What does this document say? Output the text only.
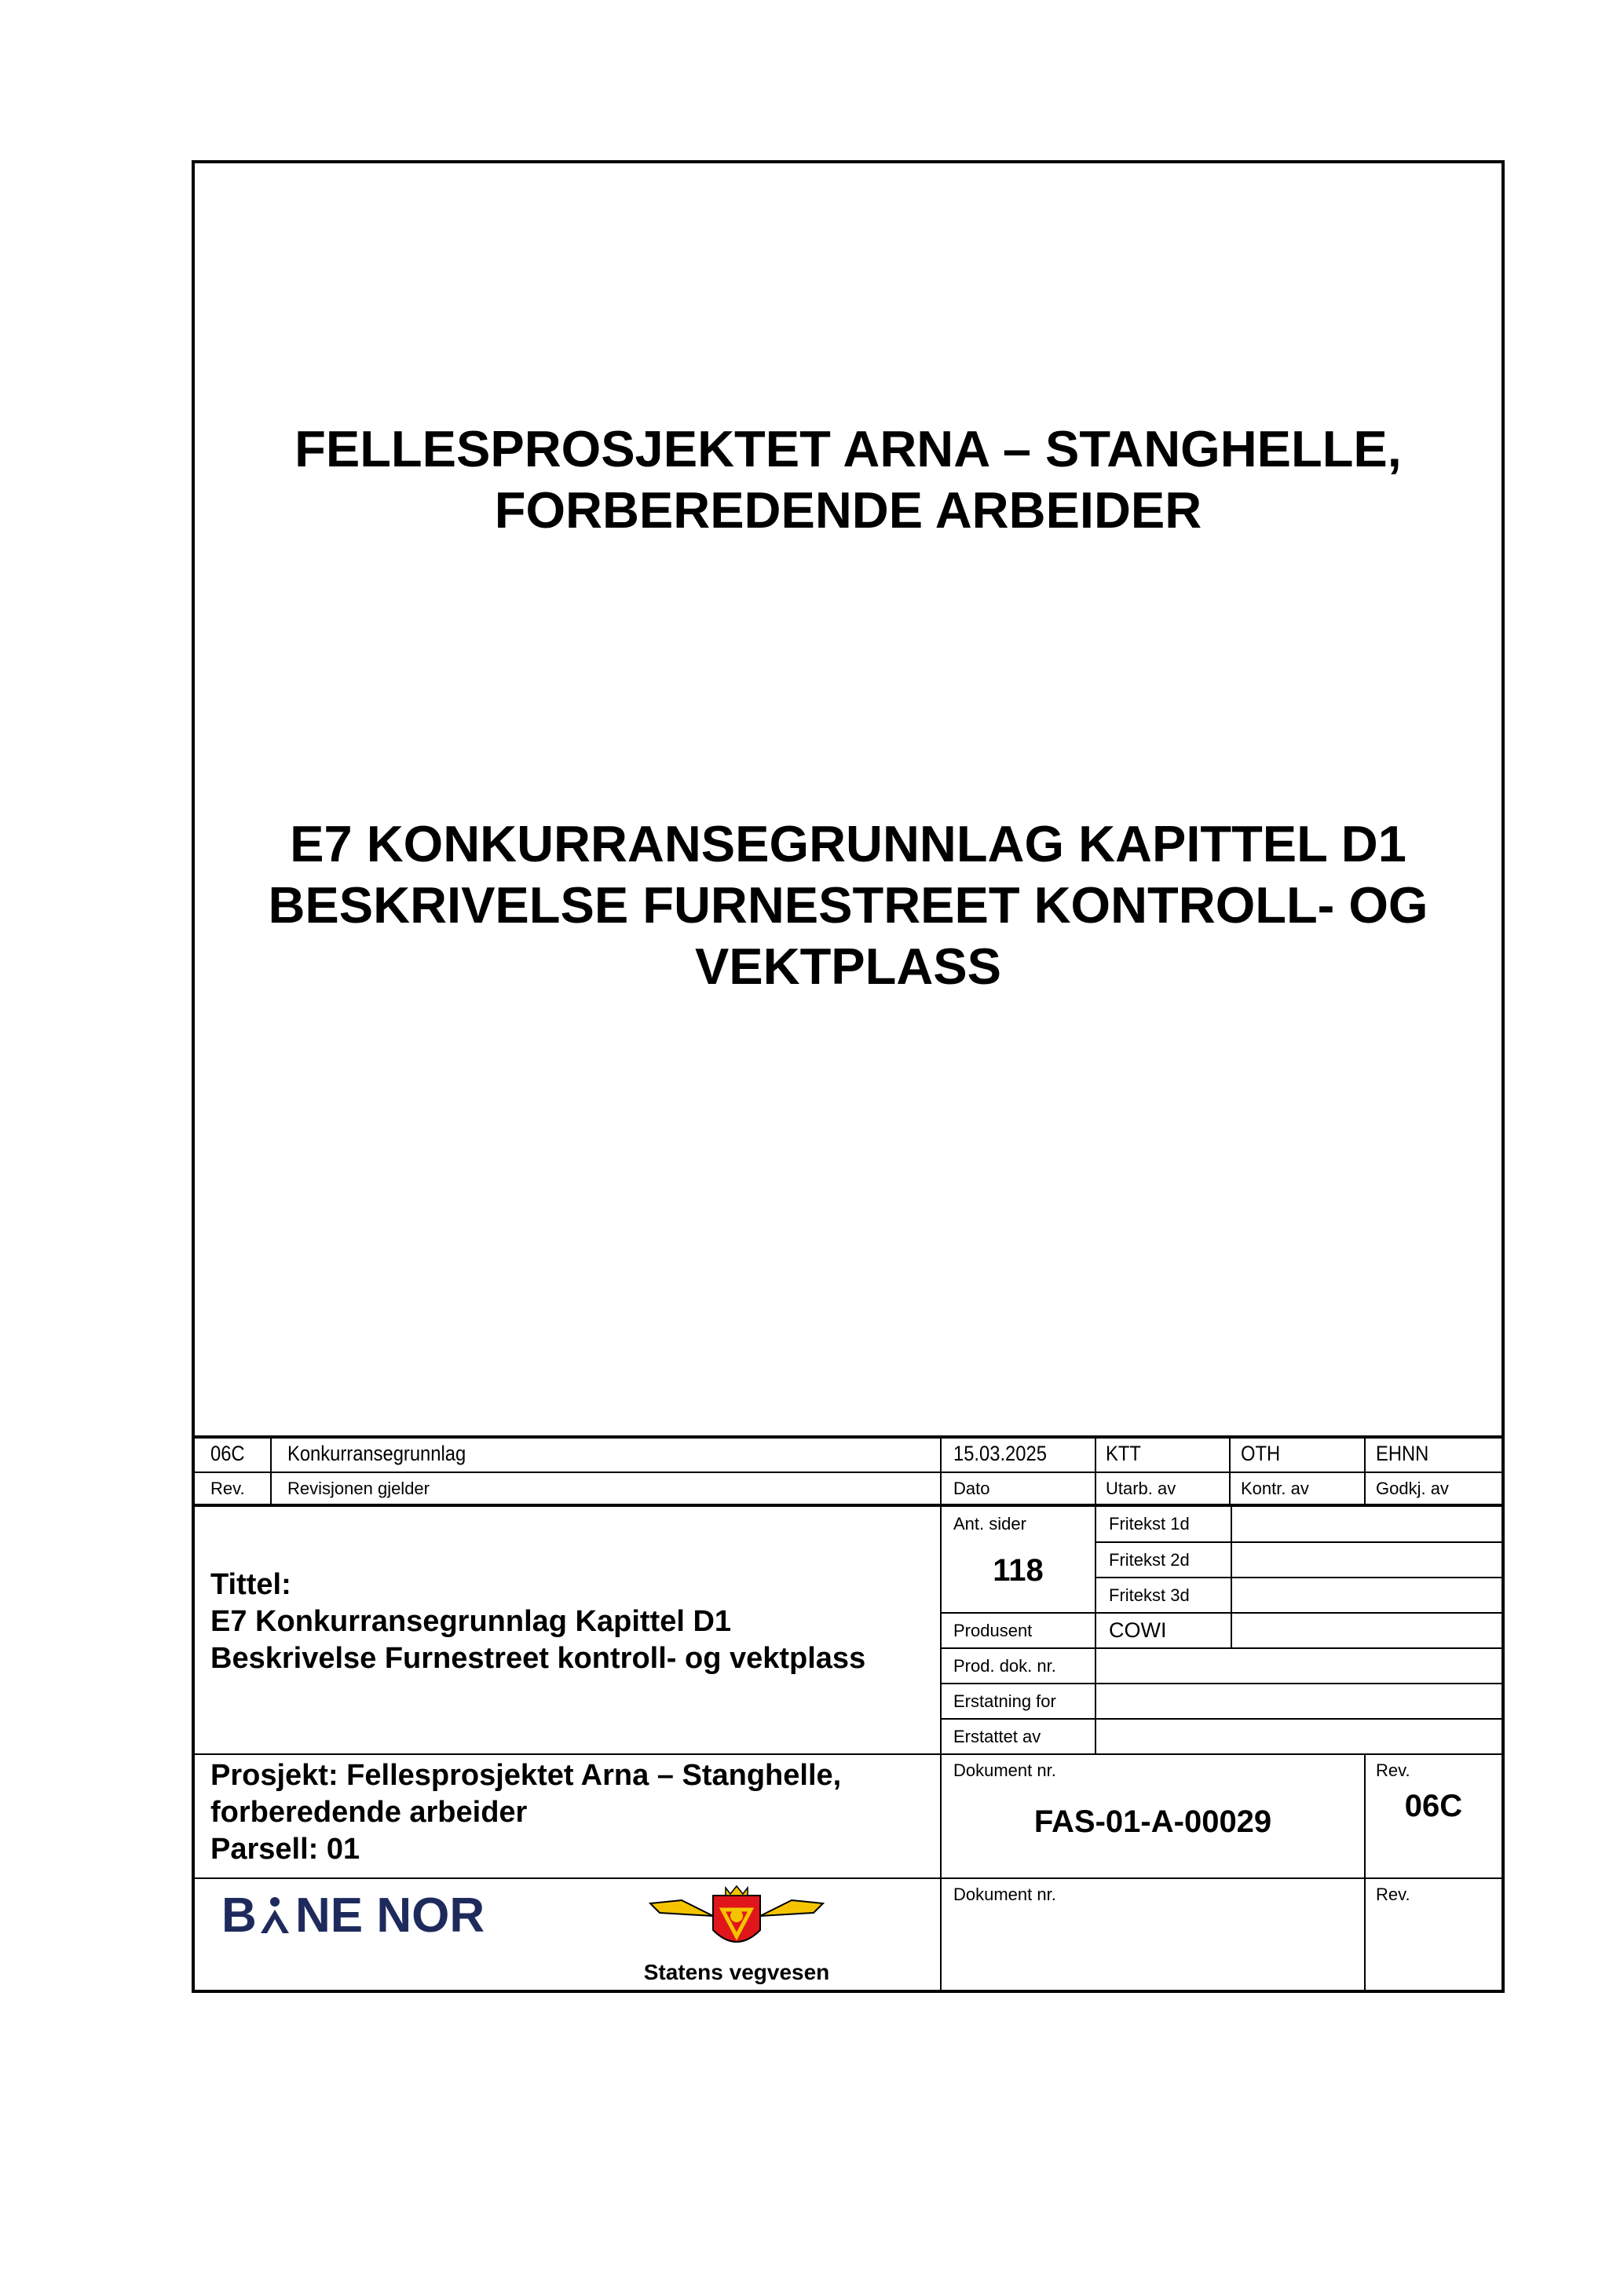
FELLESPROSJEKTET ARNA – STANGHELLE,
FORBEREDENDE ARBEIDER
E7 KONKURRANSEGRUNNLAG KAPITTEL D1
BESKRIVELSE FURNESTREET KONTROLL- OG
VEKTPLASS
06C Konkurransegrunnlag	15.03.2025	KTT	OTH	EHNN
Rev. Revisjonen gjelder	Dato	Utarb. av	Kontr. av	Godkj. av
Tittel:
E7 Konkurransegrunnlag Kapittel D1
Beskrivelse Furnestreet kontroll- og vektplass
Ant. sider
118
Fritekst 1d
Fritekst 2d
Fritekst 3d
Produsent	COWI
Prod. dok. nr.
Erstatning for
Erstattet av
Prosjekt: Fellesprosjektet Arna – Stanghelle,
forberedende arbeider
Parsell: 01
Dokument nr.
FAS-01-A-00029
Rev.
06C
Dokument nr.	Rev.
B NE NOR
Statens vegvesen
